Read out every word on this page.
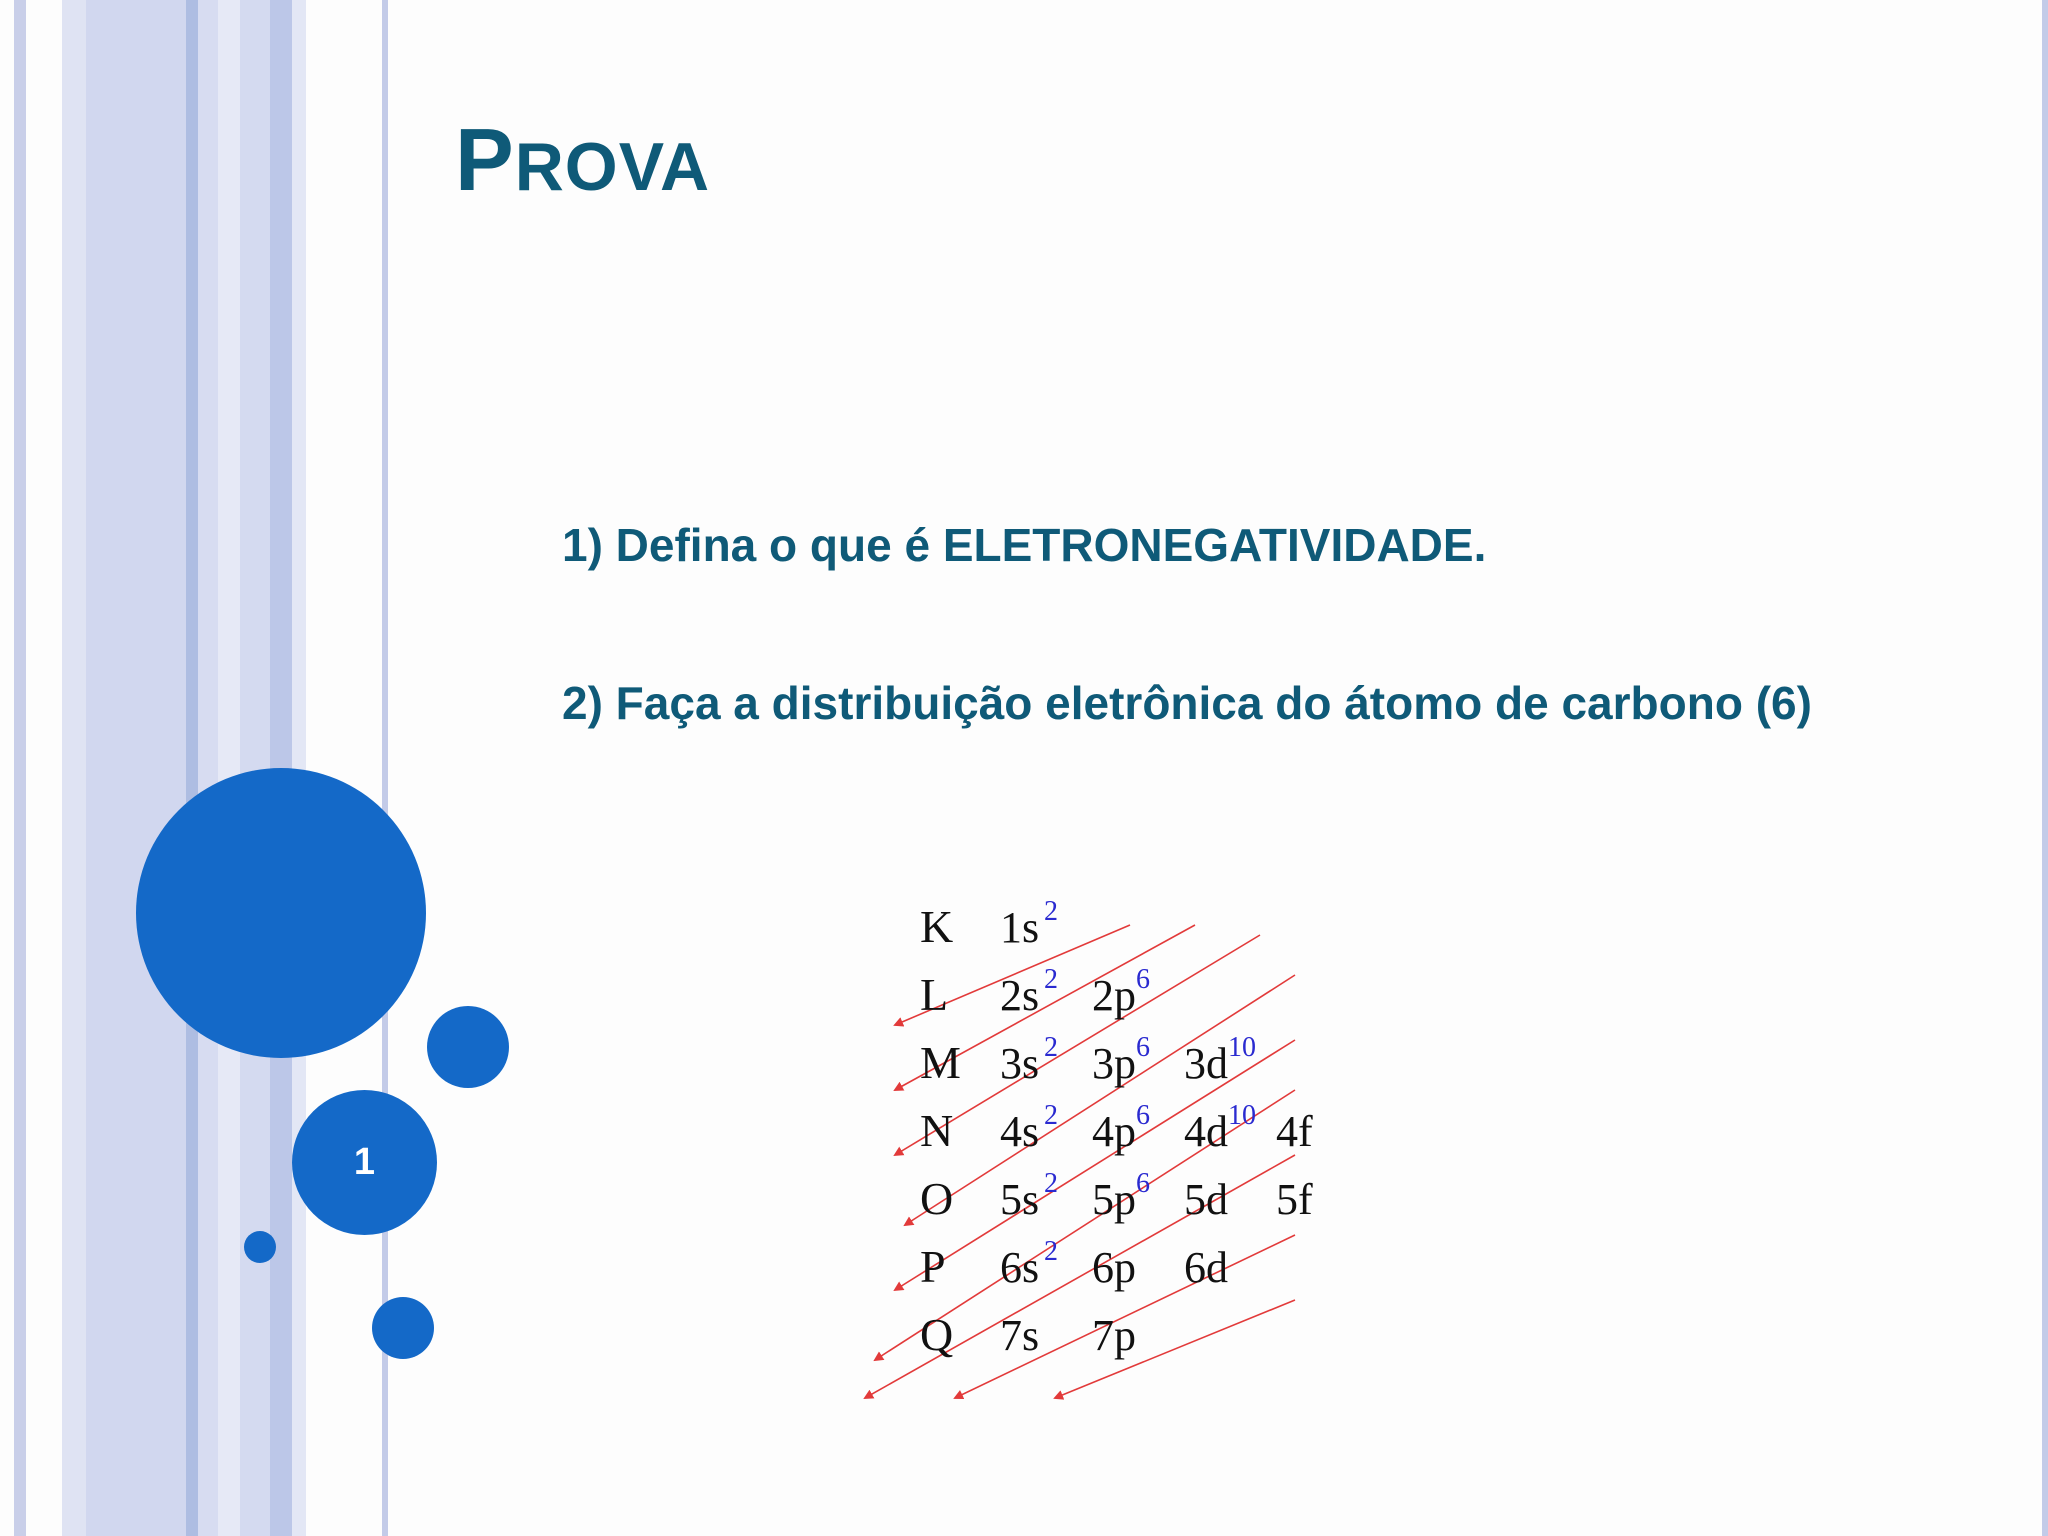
PROVA

1) Defina o que é ELETRONEGATIVIDADE.

2) Faça a distribuição eletrônica do átomo de carbono (6)

1
K 1s 2
L 2s 2 2p 6
M 3s 2 3p 6 3d 10
N 4s 2 4p 6 4d 10 4f
O 5s 2 5p 6 5d 5f
P 6s 2 6p 6d
Q 7s 7p
